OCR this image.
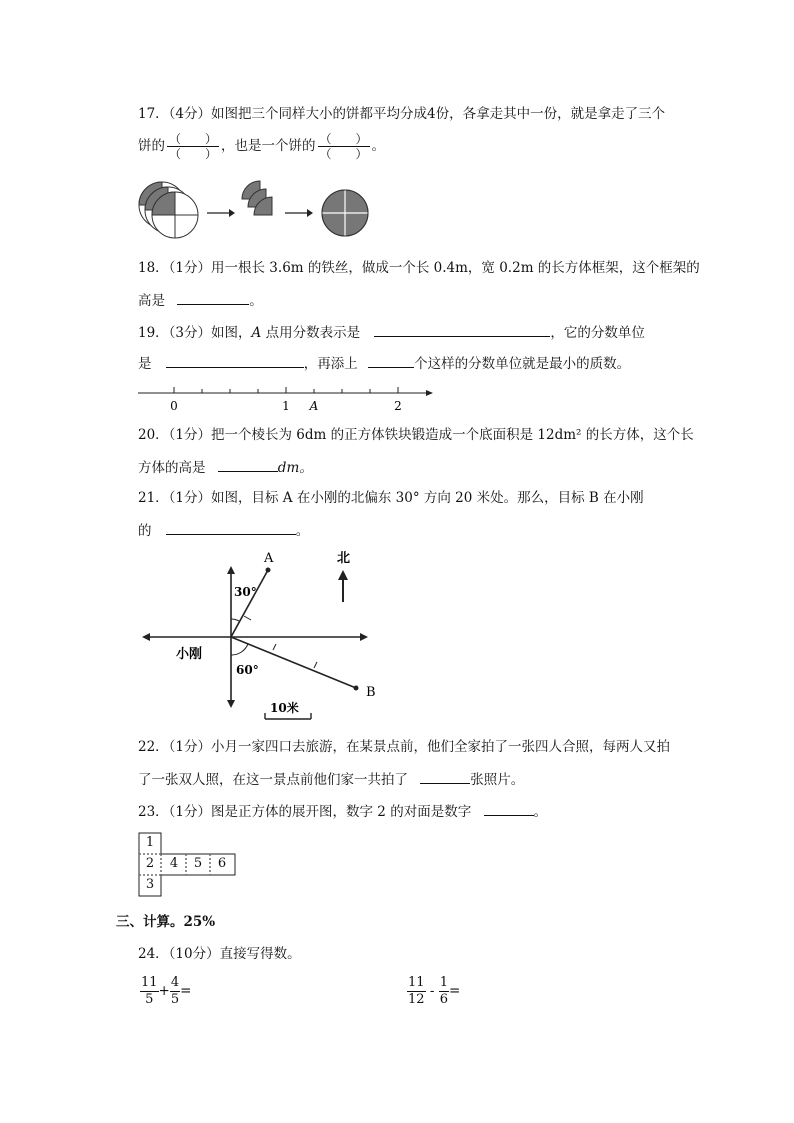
17．（4分）如图把三个同样大小的饼都平均分成4份，各拿走其中一份，就是拿走了三个
饼的 $\frac{( )}{( )}$ ，也是一个饼的 $\frac{( )}{( )}$ 。
18．（1分）用一根长 3.6m 的铁丝，做成一个长 0.4m，宽 0.2m 的长方体框架，这个框架的
高是	。
19．（3分）如图，A 点用分数表示是	，它的分数单位
是	，再添上	个这样的分数单位就是最小的质数。
0	1 A	2
20．（1分）把一个棱长为 6dm 的正方体铁块锻造成一个底面积是 12dm² 的长方体，这个长
方体的高是	dm。
21．（1分）如图，目标 A 在小刚的北偏东 30° 方向 20 米处。那么，目标 B 在小刚
的	。
A
B
30°
60°
小刚
北
10米
22．（1分）小月一家四口去旅游，在某景点前，他们全家拍了一张四人合照，每两人又拍
了一张双人照，在这一景点前他们家一共拍了	张照片。
23．（1分）图是正方体的展开图，数字 2 的对面是数字	。
1
2	4	5	6
3
三、计算。25%
24．（10分）直接写得数。
$\frac{11}{5} + \frac{4}{5}$ =	$\frac{11}{12} - \frac{1}{6}$ =
